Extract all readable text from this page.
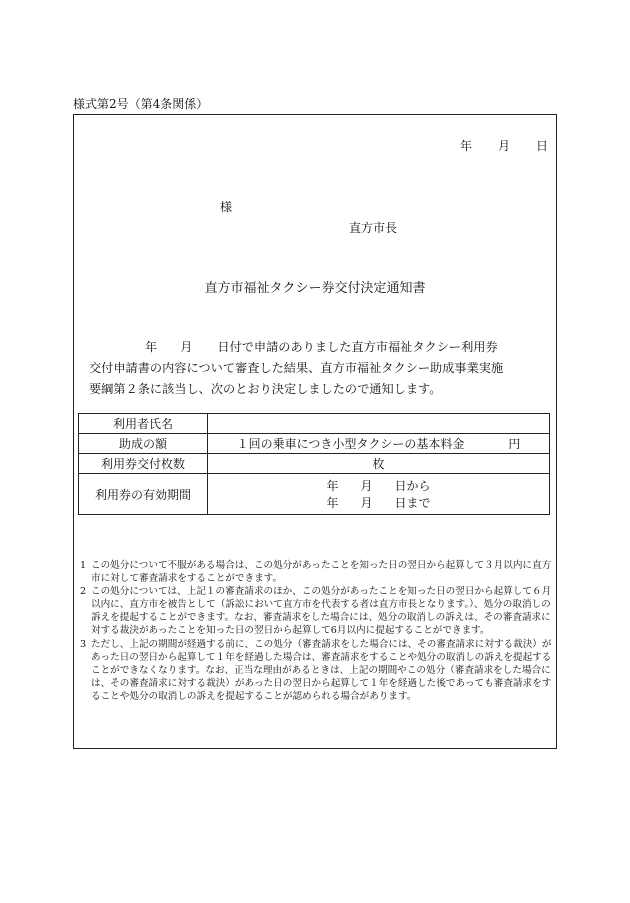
様式第2号（第4条関係）
年 月 日
様
直方市長
直方市福祉タクシー券交付決定通知書
年 月 日付で申請のありました直方市福祉タクシー利用券
交付申請書の内容について審査した結果、直方市福祉タクシー助成事業実施
要綱第２条に該当し、次のとおり決定しましたので通知します。
利用者氏名	
助成の額	１回の乗車につき小型タクシーの基本料金 円
利用券交付枚数	枚
利用券の有効期間	年 月 日から
年 月 日まで
1 この処分について不服がある場合は、この処分があったことを知った日の翌日から起算して３月以内に直方市に対して審査請求をすることができます。
2 この処分については、上記１の審査請求のほか、この処分があったことを知った日の翌日から起算して６月以内に、直方市を被告として（訴訟において直方市を代表する者は直方市長となります。）、処分の取消しの訴えを提起することができます。なお、審査請求をした場合には、処分の取消しの訴えは、その審査請求に対する裁決があったことを知った日の翌日から起算して6月以内に提起することができます。
3 ただし、上記の期間が経過する前に、この処分（審査請求をした場合には、その審査請求に対する裁決）があった日の翌日から起算して１年を経過した場合は、審査請求をすることや処分の取消しの訴えを提起することができなくなります。なお、正当な理由があるときは、上記の期間やこの処分（審査請求をした場合には、その審査請求に対する裁決）があった日の翌日から起算して１年を経過した後であっても審査請求をすることや処分の取消しの訴えを提起することが認められる場合があります。
